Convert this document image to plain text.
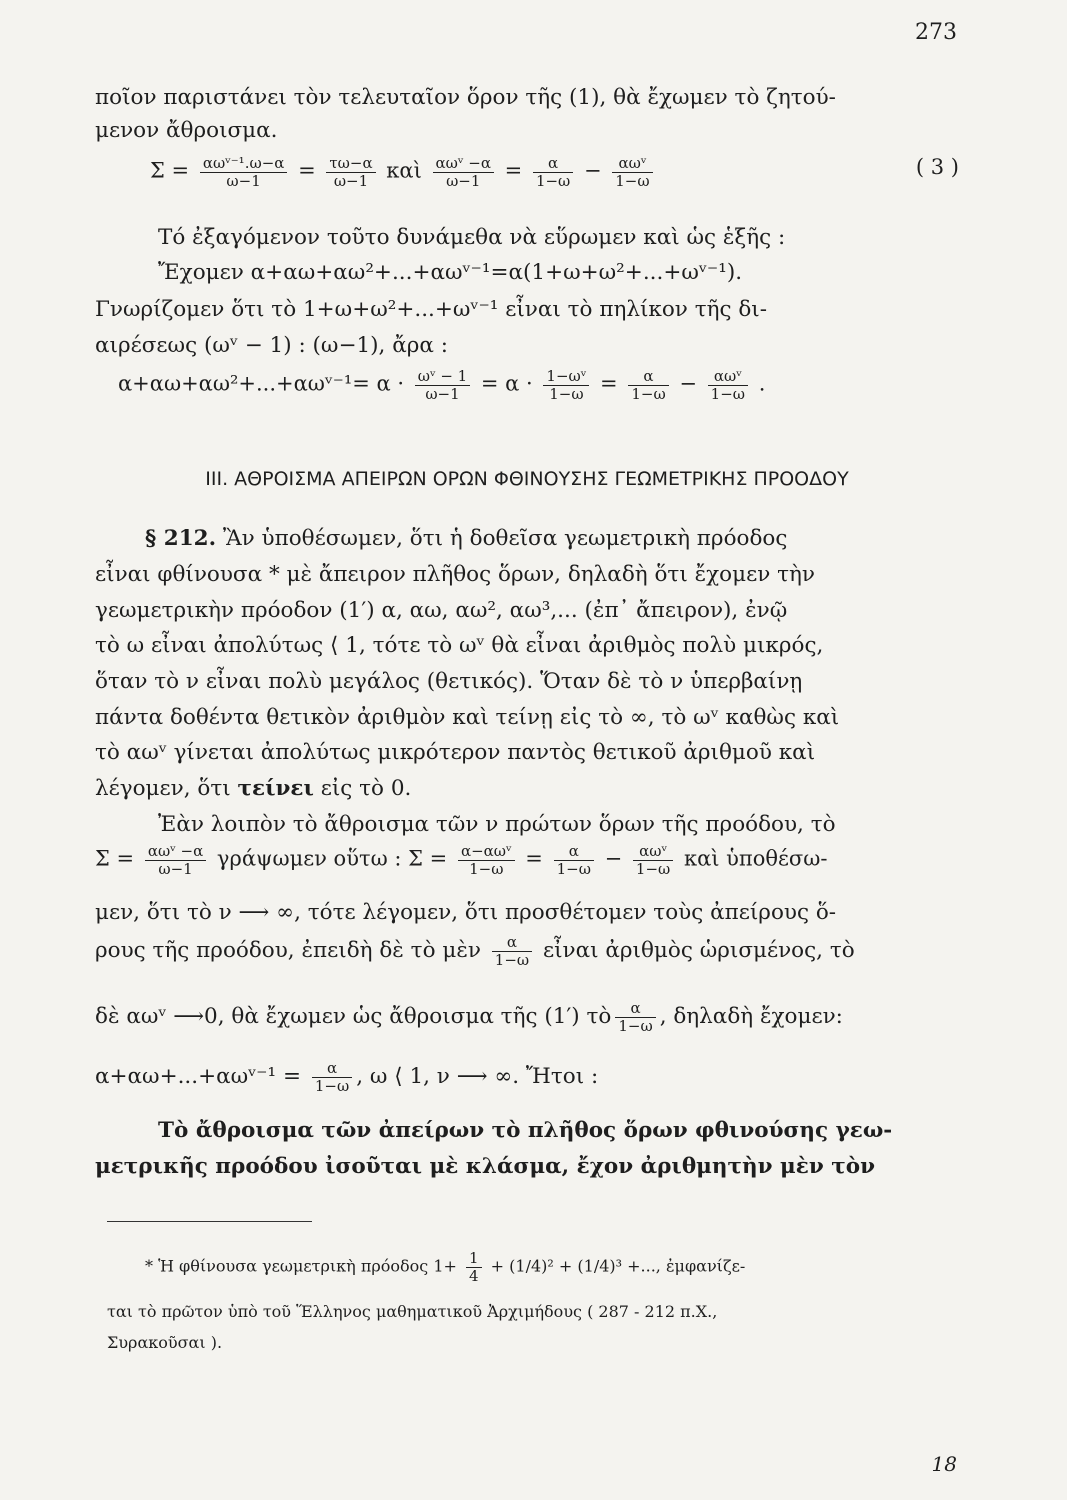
273
ποῖον παριστάνει τὸν τελευταῖον ὅρον τῆς (1), θὰ ἔχωμεν τὸ ζητού-
μενον ἄθροισμα.
$\Sigma = \frac{\text{αωᵛ⁻¹.ω−α}}{\omega-1} = \frac{\tau\omega-\alpha}{\omega-1}$ καὶ $\frac{\text{αωᵛ −α}}{\omega-1} = \frac{\alpha}{1-\omega} - \frac{\text{αωᵛ}}{1-\omega}$	( 3 )
Τό ἐξαγόμενον τοῦτο δυνάμεθα νὰ εὕρωμεν καὶ ὡς ἑξῆς :
Ἔχομεν α+αω+αω²+...+αωᵛ⁻¹=α(1+ω+ω²+...+ωᵛ⁻¹).
Γνωρίζομεν ὅτι τὸ 1+ω+ω²+...+ωᵛ⁻¹ εἶναι τὸ πηλίκον τῆς δι-
αιρέσεως (ωᵛ − 1) : (ω−1), ἄρα :
α+αω+αω²+...+αωᵛ⁻¹= $\alpha \cdot \frac{\text{ωᵛ − 1}}{\omega-1} = \alpha \cdot \frac{\text{1−ωᵛ}}{1-\omega} = \frac{\alpha}{1-\omega} - \frac{\text{αωᵛ}}{1-\omega}$ .
III. ΑΘΡΟΙΣΜΑ ΑΠΕΙΡΩΝ ΟΡΩΝ ΦΘΙΝΟΥΣΗΣ ΓΕΩΜΕΤΡΙΚΗΣ ΠΡΟΟΔΟΥ
§ 212. Ἂν ὑποθέσωμεν, ὅτι ἡ δοθεῖσα γεωμετρικὴ πρόοδος
εἶναι φθίνουσα * μὲ ἄπειρον πλῆθος ὅρων, δηλαδὴ ὅτι ἔχομεν τὴν
γεωμετρικὴν πρόοδον (1′) α, αω, αω², αω³,... (ἐπ᾽ ἄπειρον), ἐνῷ
τὸ ω εἶναι ἀπολύτως ⟨ 1, τότε τὸ ωᵛ θὰ εἶναι ἀριθμὸς πολὺ μικρός,
ὅταν τὸ ν εἶναι πολὺ μεγάλος (θετικός). Ὅταν δὲ τὸ ν ὑπερβαίνῃ
πάντα δοθέντα θετικὸν ἀριθμὸν καὶ τείνῃ εἰς τὸ ∞, τὸ ωᵛ καθὼς καὶ
τὸ αωᵛ γίνεται ἀπολύτως μικρότερον παντὸς θετικοῦ ἀριθμοῦ καὶ
λέγομεν, ὅτι τείνει εἰς τὸ 0.
Ἐὰν λοιπὸν τὸ ἄθροισμα τῶν ν πρώτων ὅρων τῆς προόδου, τὸ
$\Sigma = \frac{\text{αωᵛ −α}}{\omega-1}$ γράψωμεν οὕτω : $\Sigma = \frac{\text{α−αωᵛ}}{1-\omega} = \frac{\alpha}{1-\omega} - \frac{\text{αωᵛ}}{1-\omega}$ καὶ ὑποθέσω-
μεν, ὅτι τὸ ν ⟶ ∞, τότε λέγομεν, ὅτι προσθέτομεν τοὺς ἀπείρους ὅ-
ρους τῆς προόδου, ἐπειδὴ δὲ τὸ μὲν $\frac{\alpha}{1-\omega}$ εἶναι ἀριθμὸς ὡρισμένος, τὸ
δὲ αωᵛ ⟶0, θὰ ἔχωμεν ὡς ἄθροισμα τῆς (1′) τὸ $\frac{\alpha}{1-\omega}$ , δηλαδὴ ἔχομεν:
α+αω+...+αωᵛ⁻¹ = $\frac{\alpha}{1-\omega}$ , ω ⟨ 1, ν ⟶ ∞. Ἤτοι :
Τὸ ἄθροισμα τῶν ἀπείρων τὸ πλῆθος ὅρων φθινούσης γεω-
μετρικῆς προόδου ἰσοῦται μὲ κλάσμα, ἔχον ἀριθμητὴν μὲν τὸν
* Ἡ φθίνουσα γεωμετρικὴ πρόοδος $1+ \frac{1}{4} + (1/4)^2 + (1/4)^3$ +..., ἐμφανίζε-
ται τὸ πρῶτον ὑπὸ τοῦ Ἕλληνος μαθηματικοῦ Ἀρχιμήδους ( 287 - 212 π.Χ.,
Συρακοῦσαι ).
18
